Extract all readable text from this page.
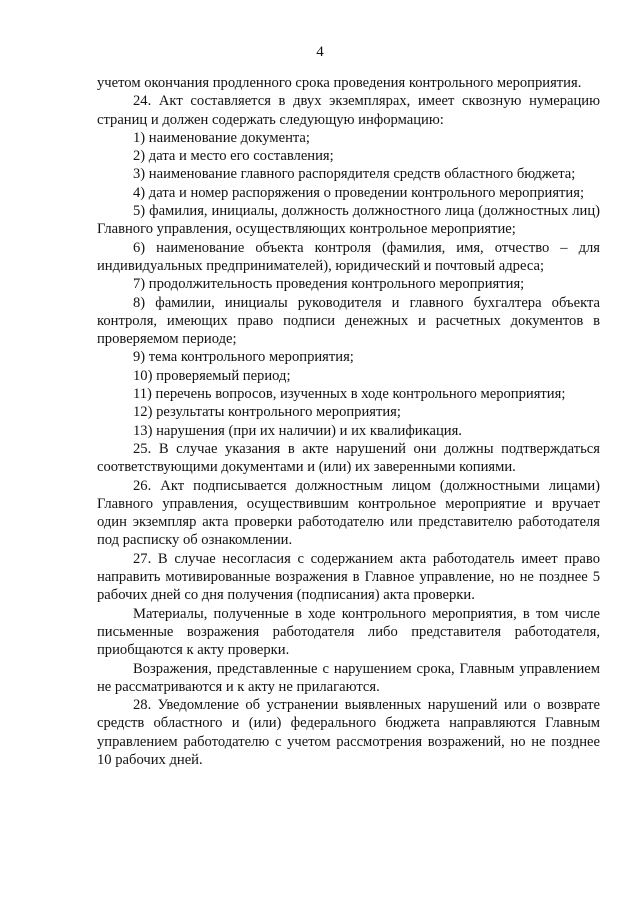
4

учетом окончания продленного срока проведения контрольного мероприятия.

24. Акт составляется в двух экземплярах, имеет сквозную нумерацию страниц и должен содержать следующую информацию:

1) наименование документа;

2) дата и место его составления;

3) наименование главного распорядителя средств областного бюджета;

4) дата и номер распоряжения о проведении контрольного мероприятия;

5) фамилия, инициалы, должность должностного лица (должностных лиц) Главного управления, осуществляющих контрольное мероприятие;

6) наименование объекта контроля (фамилия, имя, отчество – для индивидуальных предпринимателей), юридический и почтовый адреса;

7) продолжительность проведения контрольного мероприятия;

8) фамилии, инициалы руководителя и главного бухгалтера объекта контроля, имеющих право подписи денежных и расчетных документов в проверяемом периоде;

9) тема контрольного мероприятия;

10) проверяемый период;

11) перечень вопросов, изученных в ходе контрольного мероприятия;

12) результаты контрольного мероприятия;

13) нарушения (при их наличии) и их квалификация.

25. В случае указания в акте нарушений они должны подтверждаться соответствующими документами и (или) их заверенными копиями.

26. Акт подписывается должностным лицом (должностными лицами) Главного управления, осуществившим контрольное мероприятие и вручает один экземпляр акта проверки работодателю или представителю работодателя под расписку об ознакомлении.

27. В случае несогласия с содержанием акта работодатель имеет право направить мотивированные возражения в Главное управление, но не позднее 5 рабочих дней со дня получения (подписания) акта проверки.

Материалы, полученные в ходе контрольного мероприятия, в том числе письменные возражения работодателя либо представителя работодателя, приобщаются к акту проверки.

Возражения, представленные с нарушением срока, Главным управлением не рассматриваются и к акту не прилагаются.

28. Уведомление об устранении выявленных нарушений или о возврате средств областного и (или) федерального бюджета направляются Главным управлением работодателю с учетом рассмотрения возражений, но не позднее 10 рабочих дней.
